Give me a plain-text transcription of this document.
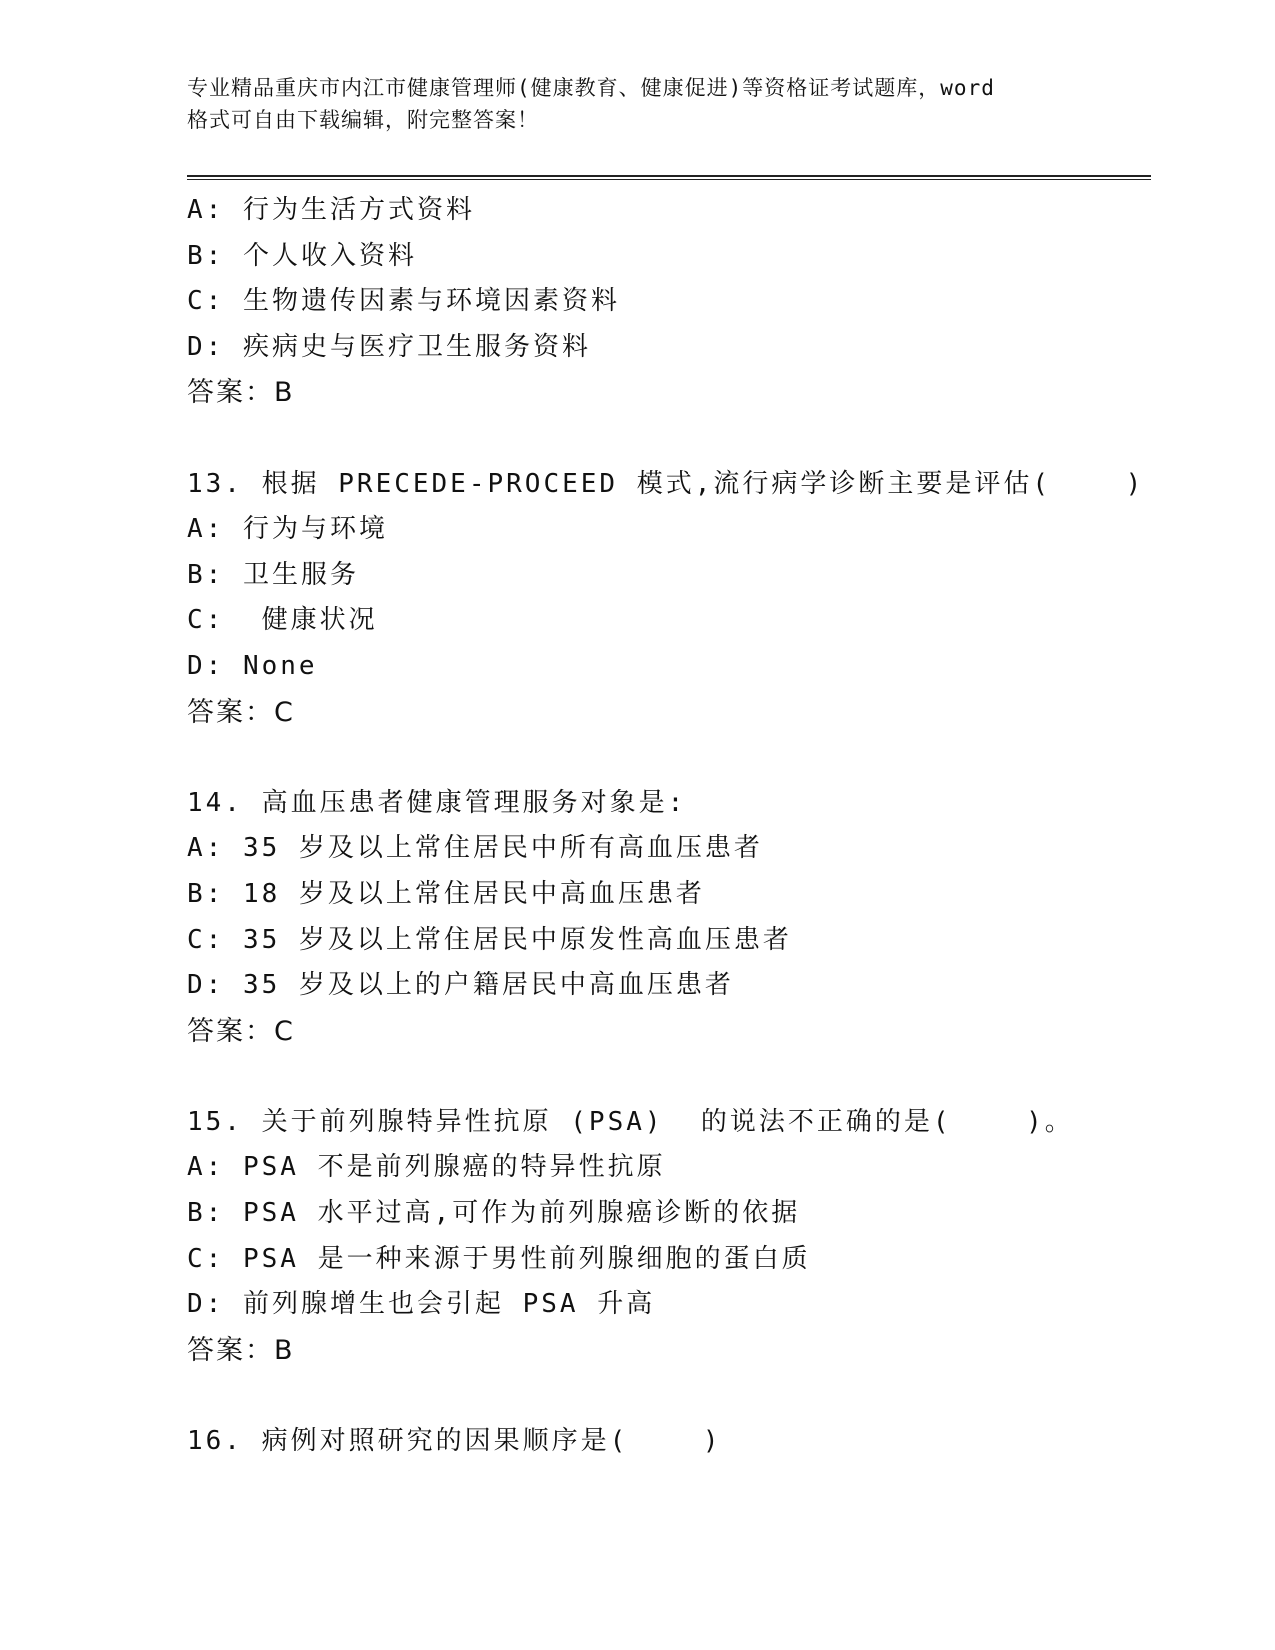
专业精品重庆市内江市健康管理师(健康教育、健康促进)等资格证考试题库，word
格式可自由下载编辑，附完整答案！
A: 行为生活方式资料
B: 个人收入资料
C: 生物遗传因素与环境因素资料
D: 疾病史与医疗卫生服务资料
答案：B
13. 根据 PRECEDE-PROCEED 模式,流行病学诊断主要是评估(    )
A: 行为与环境
B: 卫生服务
C:  健康状况
D: None
答案：C
14. 高血压患者健康管理服务对象是:
A: 35 岁及以上常住居民中所有高血压患者
B: 18 岁及以上常住居民中高血压患者
C: 35 岁及以上常住居民中原发性高血压患者
D: 35 岁及以上的户籍居民中高血压患者
答案：C
15. 关于前列腺特异性抗原 (PSA)  的说法不正确的是(    )。
A: PSA 不是前列腺癌的特异性抗原
B: PSA 水平过高,可作为前列腺癌诊断的依据
C: PSA 是一种来源于男性前列腺细胞的蛋白质
D: 前列腺增生也会引起 PSA 升高
答案：B
16. 病例对照研究的因果顺序是(    )
